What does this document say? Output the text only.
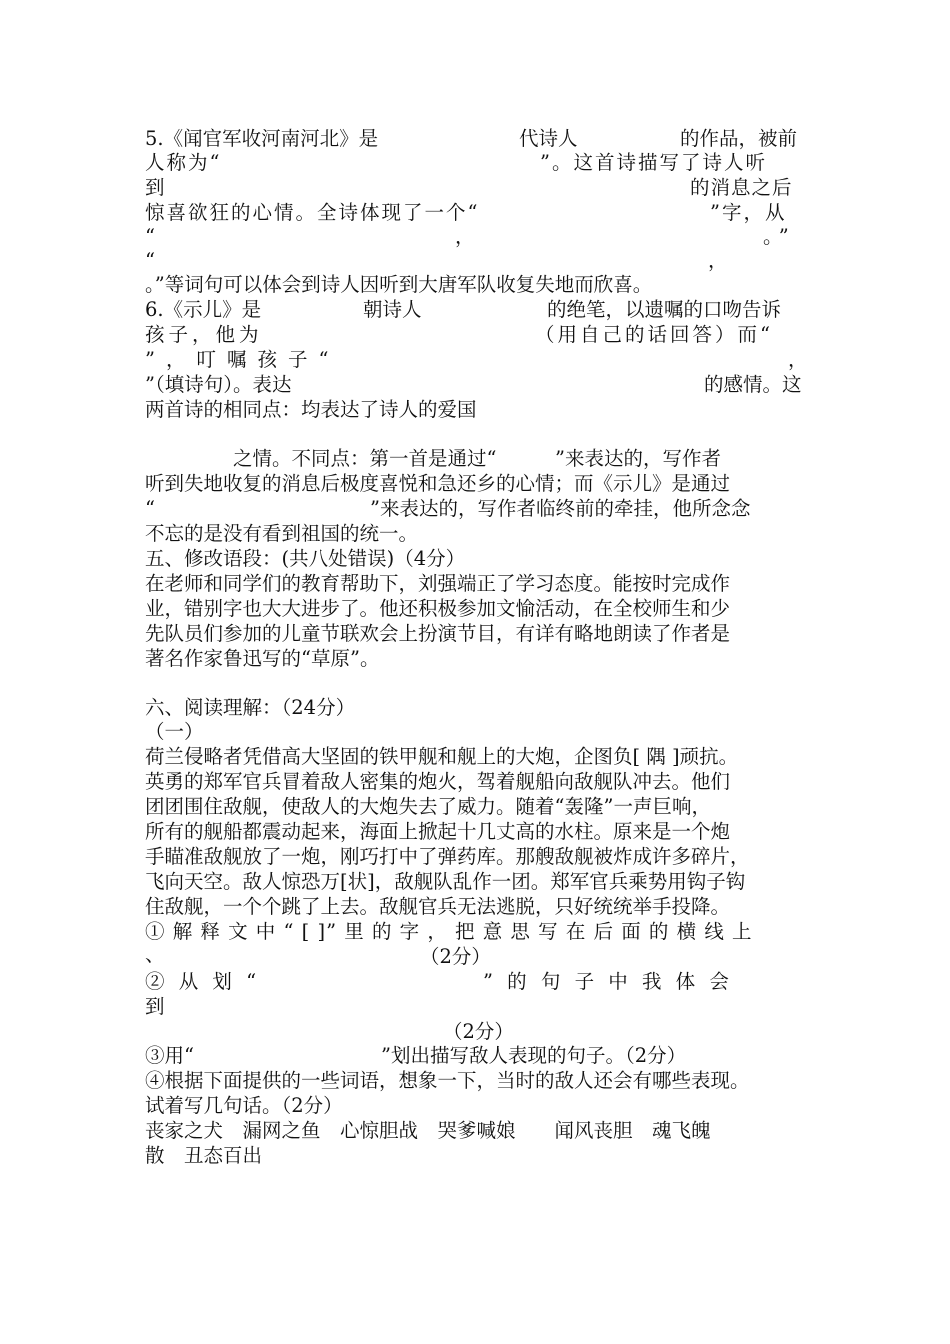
5.《闻官军收河南河北》是	代诗人	的作品，被前
人称为“	”。这首诗描写了诗人听
到	的消息之后
惊喜欲狂的心情。全诗体现了一个“	”字，从
“	，	。”
“	，
。”等词句可以体会到诗人因听到大唐军队收复失地而欣喜。
6.《示儿》是	朝诗人	的绝笔，以遗嘱的口吻告诉
孩子，他为	（用自己的话回答）而“
”，叮嘱孩子“	，
”（填诗句）。表达	的感情。这
两首诗的相同点：均表达了诗人的爱国
之情。不同点：第一首是通过“　　　”来表达的，写作者
听到失地收复的消息后极度喜悦和急还乡的心情；而《示儿》是通过
“	”来表达的，写作者临终前的牵挂，他所念念
不忘的是没有看到祖国的统一。
五、修改语段：(共八处错误)（4分）
在老师和同学们的教育帮助下，刘强端正了学习态度。能按时完成作
业，错别字也大大进步了。他还积极参加文愉活动，在全校师生和少
先队员们参加的儿童节联欢会上扮演节目，有详有略地朗读了作者是
著名作家鲁迅写的“草原”。
六、阅读理解：（24分）
（一）
荷兰侵略者凭借高大坚固的铁甲舰和舰上的大炮，企图负[ 隅 ]顽抗。
英勇的郑军官兵冒着敌人密集的炮火，驾着舰船向敌舰队冲去。他们
团团围住敌舰，使敌人的大炮失去了威力。随着“轰隆”一声巨响，
所有的舰船都震动起来，海面上掀起十几丈高的水柱。原来是一个炮
手瞄准敌舰放了一炮，刚巧打中了弹药库。那艘敌舰被炸成许多碎片，
飞向天空。敌人惊恐万[状]，敌舰队乱作一团。郑军官兵乘势用钩子钩
住敌舰，一个个跳了上去。敌舰官兵无法逃脱，只好统统举手投降。
① 解 释 文 中 “ [ ]” 里 的 字 ， 把 意 思 写 在 后 面 的 横 线 上
、	（2分）
② 从 划 “	” 的 句 子 中 我 体 会
到
（2分）
③用“	”划出描写敌人表现的句子。（2分）
④根据下面提供的一些词语，想象一下，当时的敌人还会有哪些表现。
试着写几句话。（2分）
丧家之犬　漏网之鱼　心惊胆战　哭爹喊娘　　闻风丧胆　魂飞魄
散　丑态百出
